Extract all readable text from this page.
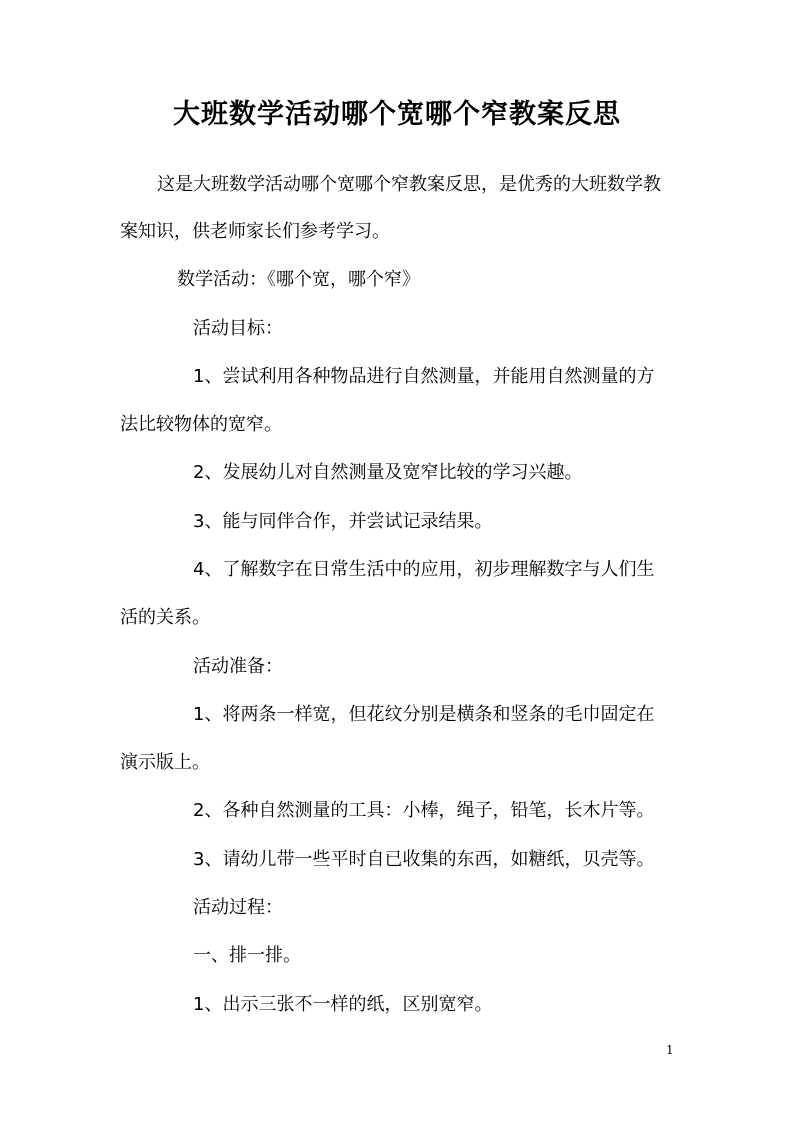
大班数学活动哪个宽哪个窄教案反思
这是大班数学活动哪个宽哪个窄教案反思，是优秀的大班数学教
案知识，供老师家长们参考学习。
数学活动：《哪个宽，哪个窄》
活动目标：
1、尝试利用各种物品进行自然测量，并能用自然测量的方
法比较物体的宽窄。
2、发展幼儿对自然测量及宽窄比较的学习兴趣。
3、能与同伴合作，并尝试记录结果。
4、了解数字在日常生活中的应用，初步理解数字与人们生
活的关系。
活动准备：
1、将两条一样宽，但花纹分别是横条和竖条的毛巾固定在
演示版上。
2、各种自然测量的工具：小棒，绳子，铅笔，长木片等。
3、请幼儿带一些平时自已收集的东西，如糖纸，贝壳等。
活动过程：
一、排一排。
1、出示三张不一样的纸，区别宽窄。
1
